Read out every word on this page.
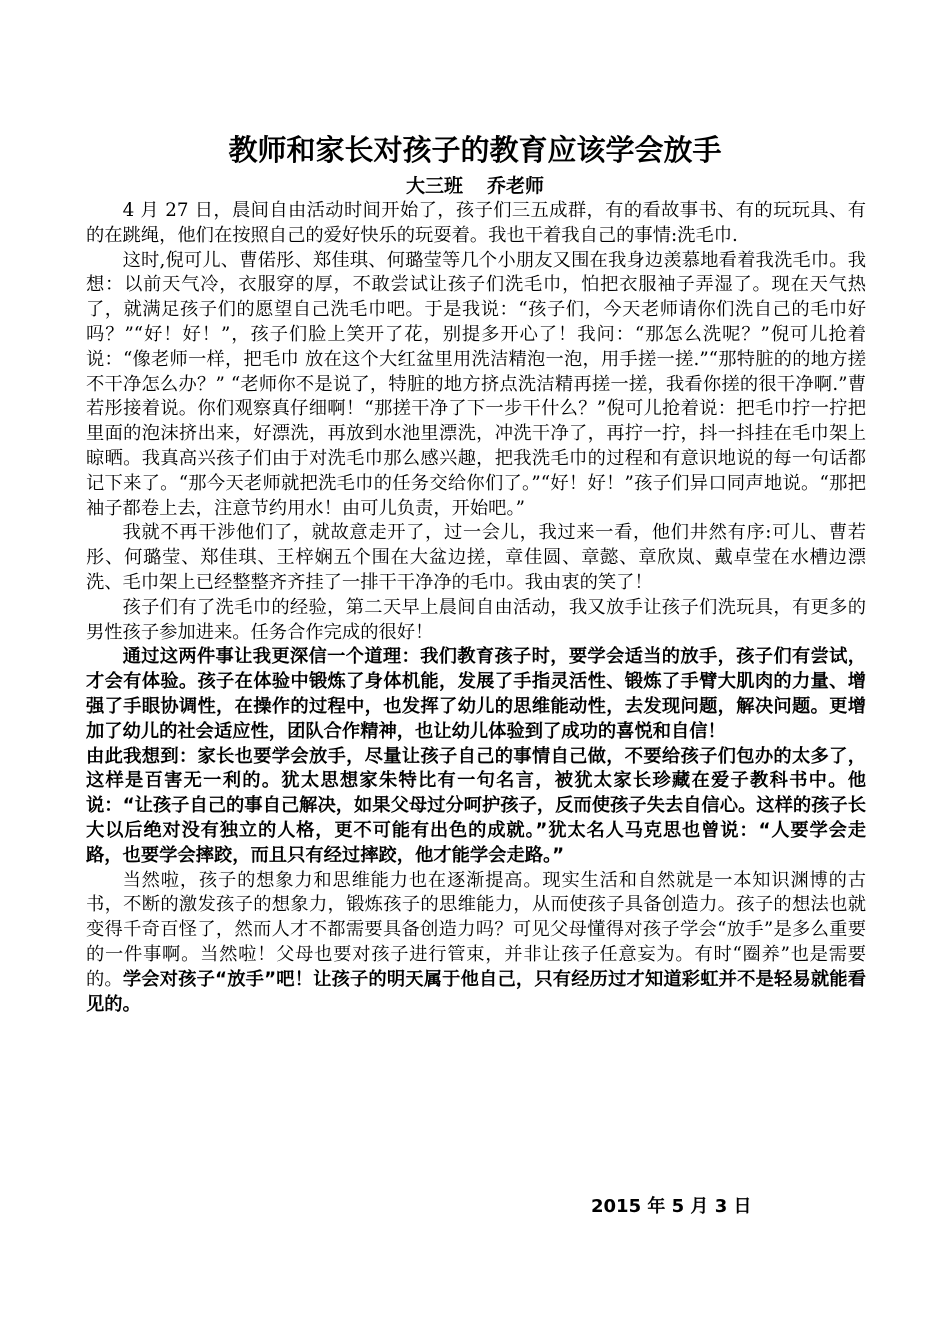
教师和家长对孩子的教育应该学会放手
大三班 乔老师

4 月 27 日，晨间自由活动时间开始了，孩子们三五成群，有的看故事书、有的玩玩具、有的在跳绳，他们在按照自己的爱好快乐的玩耍着。我也干着我自己的事情:洗毛巾.

这时,倪可儿、曹偌彤、郑佳琪、何璐莹等几个小朋友又围在我身边羡慕地看着我洗毛巾。我想：以前天气冷，衣服穿的厚，不敢尝试让孩子们洗毛巾，怕把衣服袖子弄湿了。现在天气热了，就满足孩子们的愿望自己洗毛巾吧。于是我说：“孩子们，今天老师请你们洗自己的毛巾好吗？”“好！好！”，孩子们脸上笑开了花，别提多开心了！我问：“那怎么洗呢？”倪可儿抢着说：“像老师一样，把毛巾 放在这个大红盆里用洗洁精泡一泡，用手搓一搓.”“那特脏的的地方搓不干净怎么办？” “老师你不是说了，特脏的地方挤点洗洁精再搓一搓，我看你搓的很干净啊.”曹若彤接着说。你们观察真仔细啊！“那搓干净了下一步干什么？”倪可儿抢着说：把毛巾拧一拧把里面的泡沫挤出来，好漂洗，再放到水池里漂洗，冲洗干净了，再拧一拧，抖一抖挂在毛巾架上晾晒。我真高兴孩子们由于对洗毛巾那么感兴趣，把我洗毛巾的过程和有意识地说的每一句话都记下来了。“那今天老师就把洗毛巾的任务交给你们了。”“好！好！”孩子们异口同声地说。“那把袖子都卷上去，注意节约用水！由可儿负责，开始吧。”

我就不再干涉他们了，就故意走开了，过一会儿，我过来一看，他们井然有序:可儿、曹若彤、何璐莹、郑佳琪、王梓娴五个围在大盆边搓，章佳圆、章懿、章欣岚、戴卓莹在水槽边漂洗、毛巾架上已经整整齐齐挂了一排干干净净的毛巾。我由衷的笑了！

孩子们有了洗毛巾的经验，第二天早上晨间自由活动，我又放手让孩子们洗玩具，有更多的男性孩子参加进来。任务合作完成的很好！

通过这两件事让我更深信一个道理：我们教育孩子时，要学会适当的放手，孩子们有尝试，才会有体验。孩子在体验中锻炼了身体机能，发展了手指灵活性、锻炼了手臂大肌肉的力量、增强了手眼协调性，在操作的过程中，也发挥了幼儿的思维能动性，去发现问题，解决问题。更增加了幼儿的社会适应性，团队合作精神，也让幼儿体验到了成功的喜悦和自信！

由此我想到：家长也要学会放手，尽量让孩子自己的事情自己做，不要给孩子们包办的太多了，这样是百害无一利的。犹太思想家朱特比有一句名言，被犹太家长珍藏在爱子教科书中。他说：“让孩子自己的事自己解决，如果父母过分呵护孩子，反而使孩子失去自信心。这样的孩子长大以后绝对没有独立的人格，更不可能有出色的成就。”犹太名人马克思也曾说：“人要学会走路，也要学会摔跤，而且只有经过摔跤，他才能学会走路。”

当然啦，孩子的想象力和思维能力也在逐渐提高。现实生活和自然就是一本知识渊博的古书，不断的激发孩子的想象力，锻炼孩子的思维能力，从而使孩子具备创造力。孩子的想法也就变得千奇百怪了，然而人才不都需要具备创造力吗？可见父母懂得对孩子学会“放手”是多么重要的一件事啊。当然啦！父母也要对孩子进行管束，并非让孩子任意妄为。有时“圈养”也是需要的。学会对孩子“放手”吧！让孩子的明天属于他自己，只有经历过才知道彩虹并不是轻易就能看见的。

2015 年 5 月 3 日
